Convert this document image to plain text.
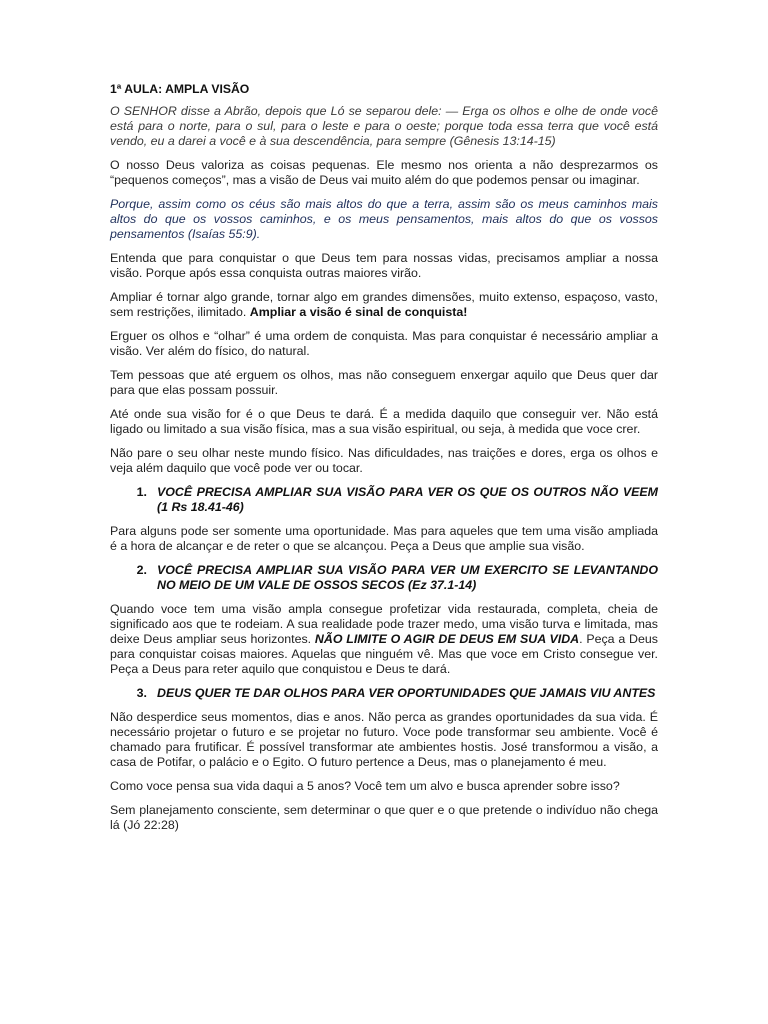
1ª AULA: AMPLA VISÃO

O SENHOR disse a Abrão, depois que Ló se separou dele: — Erga os olhos e olhe de onde você está para o norte, para o sul, para o leste e para o oeste; porque toda essa terra que você está vendo, eu a darei a você e à sua descendência, para sempre (Gênesis 13:14-15)

O nosso Deus valoriza as coisas pequenas. Ele mesmo nos orienta a não desprezarmos os “pequenos começos”, mas a visão de Deus vai muito além do que podemos pensar ou imaginar.

Porque, assim como os céus são mais altos do que a terra, assim são os meus caminhos mais altos do que os vossos caminhos, e os meus pensamentos, mais altos do que os vossos pensamentos (Isaías 55:9).

Entenda que para conquistar o que Deus tem para nossas vidas, precisamos ampliar a nossa visão. Porque após essa conquista outras maiores virão.

Ampliar é tornar algo grande, tornar algo em grandes dimensões, muito extenso, espaçoso, vasto, sem restrições, ilimitado. Ampliar a visão é sinal de conquista!

Erguer os olhos e “olhar” é uma ordem de conquista. Mas para conquistar é necessário ampliar a visão. Ver além do físico, do natural.

Tem pessoas que até erguem os olhos, mas não conseguem enxergar aquilo que Deus quer dar para que elas possam possuir.

Até onde sua visão for é o que Deus te dará. É a medida daquilo que conseguir ver. Não está ligado ou limitado a sua visão física, mas a sua visão espiritual, ou seja, à medida que voce crer.

Não pare o seu olhar neste mundo físico. Nas dificuldades, nas traições e dores, erga os olhos e veja além daquilo que você pode ver ou tocar.

1. VOCÊ PRECISA AMPLIAR SUA VISÃO PARA VER OS QUE OS OUTROS NÃO VEEM (1 Rs 18.41-46)

Para alguns pode ser somente uma oportunidade. Mas para aqueles que tem uma visão ampliada é a hora de alcançar e de reter o que se alcançou. Peça a Deus que amplie sua visão.

2. VOCÊ PRECISA AMPLIAR SUA VISÃO PARA VER UM EXERCITO SE LEVANTANDO NO MEIO DE UM VALE DE OSSOS SECOS (Ez 37.1-14)

Quando voce tem uma visão ampla consegue profetizar vida restaurada, completa, cheia de significado aos que te rodeiam. A sua realidade pode trazer medo, uma visão turva e limitada, mas deixe Deus ampliar seus horizontes. NÃO LIMITE O AGIR DE DEUS EM SUA VIDA. Peça a Deus para conquistar coisas maiores. Aquelas que ninguém vê. Mas que voce em Cristo consegue ver. Peça a Deus para reter aquilo que conquistou e Deus te dará.

3. DEUS QUER TE DAR OLHOS PARA VER OPORTUNIDADES QUE JAMAIS VIU ANTES

Não desperdice seus momentos, dias e anos. Não perca as grandes oportunidades da sua vida. É necessário projetar o futuro e se projetar no futuro. Voce pode transformar seu ambiente. Você é chamado para frutificar. É possível transformar ate ambientes hostis. José transformou a visão, a casa de Potifar, o palácio e o Egito. O futuro pertence a Deus, mas o planejamento é meu.

Como voce pensa sua vida daqui a 5 anos? Você tem um alvo e busca aprender sobre isso?

Sem planejamento consciente, sem determinar o que quer e o que pretende o indivíduo não chega lá (Jó 22:28)
